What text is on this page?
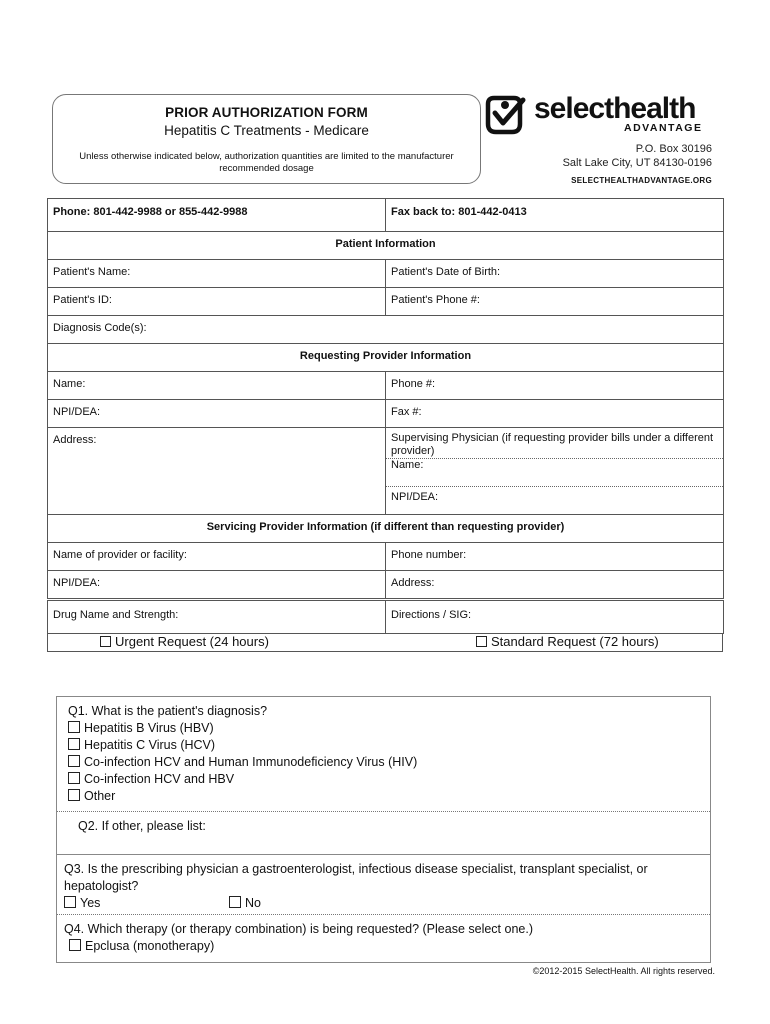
PRIOR AUTHORIZATION FORM
Hepatitis C Treatments - Medicare
Unless otherwise indicated below, authorization quantities are limited to the manufacturer recommended dosage
selecthealth
ADVANTAGE
P.O. Box 30196
Salt Lake City, UT 84130-0196
SELECTHEALTHADVANTAGE.ORG
Phone: 801-442-9988 or 855-442-9988	Fax back to: 801-442-0413
Patient Information	
Patient's Name:	Patient's Date of Birth:
Patient's ID:	Patient's Phone #:
Diagnosis Code(s):	
Requesting Provider Information	
Name:	Phone #:
NPI/DEA:	Fax #:
Address:	Supervising Physician (if requesting provider bills under a different provider)
	Name:
	NPI/DEA:
Servicing Provider Information (if different than requesting provider)	
Name of provider or facility:	Phone number:
NPI/DEA:	Address:
Drug Name and Strength:	Directions / SIG:
Urgent Request (24 hours)	Standard Request (72 hours)
Q1. What is the patient's diagnosis?
Hepatitis B Virus (HBV)
Hepatitis C Virus (HCV)
Co-infection HCV and Human Immunodeficiency Virus (HIV)
Co-infection HCV and HBV
Other
Q2. If other, please list:
Q3. Is the prescribing physician a gastroenterologist, infectious disease specialist, transplant specialist, or hepatologist?
Yes	No
Q4. Which therapy (or therapy combination) is being requested? (Please select one.)
Epclusa (monotherapy)
©2012-2015 SelectHealth. All rights reserved.
